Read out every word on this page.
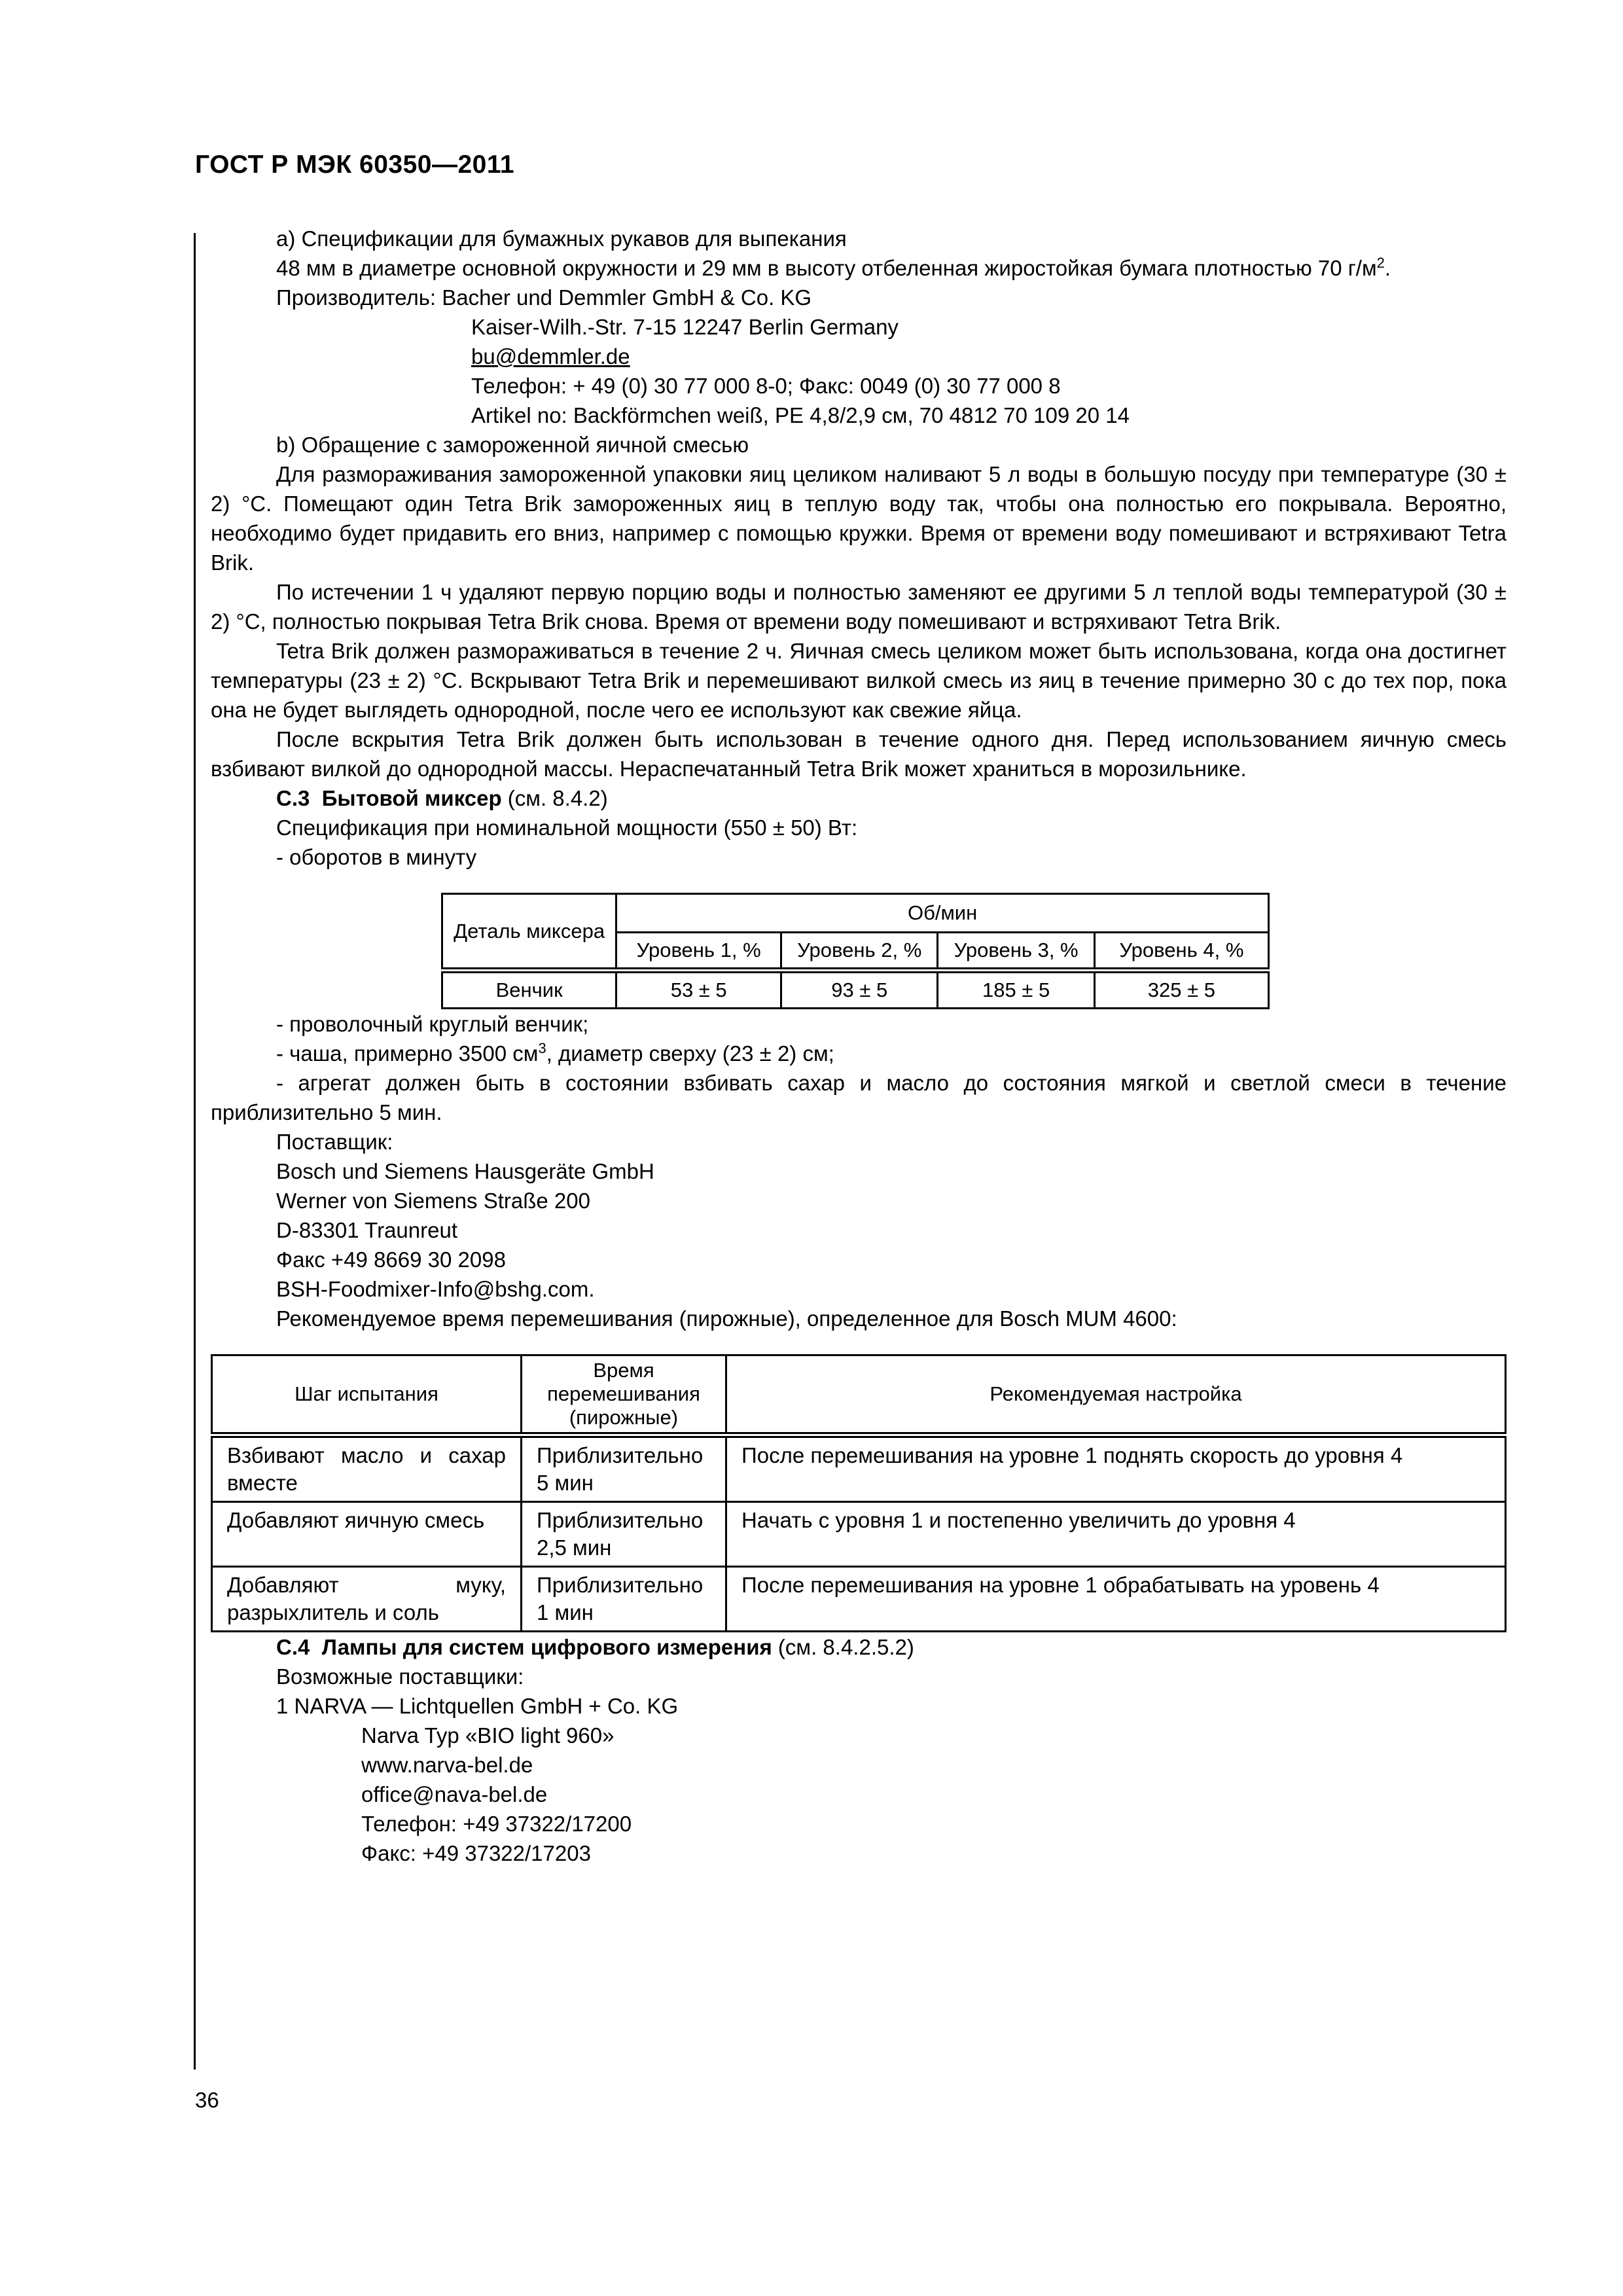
ГОСТ Р МЭК 60350—2011

a) Спецификации для бумажных рукавов для выпекания

48 мм в диаметре основной окружности и 29 мм в высоту отбеленная жиростойкая бумага плотностью 70 $г/м^2$.

Производитель: Bacher und Demmler GmbH & Co. KG

Kaiser-Wilh.-Str. 7-15 12247 Berlin Germany

bu@demmler.de

Телефон: + 49 (0) 30 77 000 8-0; Факс: 0049 (0) 30 77 000 8

Artikel no: Backförmchen weiß, PE 4,8/2,9 см, 70 4812 70 109 20 14

b) Обращение с замороженной яичной смесью

Для размораживания замороженной упаковки яиц целиком наливают 5 л воды в большую посуду при температуре (30 ± 2) °С. Помещают один Tetra Brik замороженных яиц в теплую воду так, чтобы она полностью его покрывала. Вероятно, необходимо будет придавить его вниз, например с помощью кружки. Время от времени воду помешивают и встряхивают Tetra Brik.

По истечении 1 ч удаляют первую порцию воды и полностью заменяют ее другими 5 л теплой воды температурой (30 ± 2) °С, полностью покрывая Tetra Brik снова. Время от времени воду помешивают и встряхивают Tetra Brik.

Tetra Brik должен размораживаться в течение 2 ч. Яичная смесь целиком может быть использована, когда она достигнет температуры (23 ± 2) °С. Вскрывают Tetra Brik и перемешивают вилкой смесь из яиц в течение примерно 30 с до тех пор, пока она не будет выглядеть однородной, после чего ее используют как свежие яйца.

После вскрытия Tetra Brik должен быть использован в течение одного дня. Перед использованием яичную смесь взбивают вилкой до однородной массы. Нераспечатанный Tetra Brik может храниться в морозильнике.

С.3 Бытовой миксер (см. 8.4.2)

Спецификация при номинальной мощности (550 ± 50) Вт:

- оборотов в минуту

Деталь миксера	Об/мин			
	Уровень 1, %	Уровень 2, %	Уровень 3, %	Уровень 4, %
Венчик	53 ± 5	93 ± 5	185 ± 5	325 ± 5

- проволочный круглый венчик;

- чаша, примерно 3500 $см^3$, диаметр сверху (23 ± 2) см;

- агрегат должен быть в состоянии взбивать сахар и масло до состояния мягкой и светлой смеси в течение приблизительно 5 мин.

Поставщик:

Bosch und Siemens Hausgeräte GmbH

Werner von Siemens Straße 200

D-83301 Traunreut

Факс +49 8669 30 2098

BSH-Foodmixer-Info@bshg.com.

Рекомендуемое время перемешивания (пирожные), определенное для Bosch MUM 4600:

Шаг испытания	Время перемешивания (пирожные)	Рекомендуемая настройка
Взбивают масло и сахар вместе	Приблизительно 5 мин	После перемешивания на уровне 1 поднять скорость до уровня 4
Добавляют яичную смесь	Приблизительно 2,5 мин	Начать с уровня 1 и постепенно увеличить до уровня 4
Добавляют муку, разрыхлитель и соль	Приблизительно 1 мин	После перемешивания на уровне 1 обрабатывать на уровень 4

С.4 Лампы для систем цифрового измерения (см. 8.4.2.5.2)

Возможные поставщики:

1 NARVA — Lichtquellen GmbH + Co. KG

Narva Typ «BIO light 960»

www.narva-bel.de

office@nava-bel.de

Телефон: +49 37322/17200

Факс: +49 37322/17203

36
